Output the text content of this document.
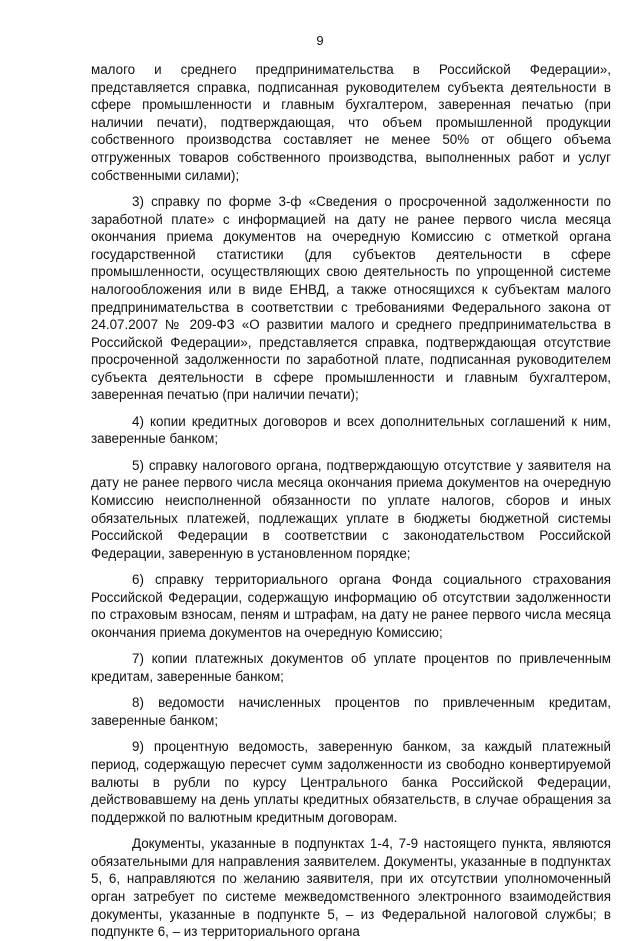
9

малого и среднего предпринимательства в Российской Федерации», представляется справка, подписанная руководителем субъекта деятельности в сфере промышленности и главным бухгалтером, заверенная печатью (при наличии печати), подтверждающая, что объем промышленной продукции собственного производства составляет не менее 50% от общего объема отгруженных товаров собственного производства, выполненных работ и услуг собственными силами);

3) справку по форме 3-ф «Сведения о просроченной задолженности по заработной плате» с информацией на дату не ранее первого числа месяца окончания приема документов на очередную Комиссию с отметкой органа государственной статистики (для субъектов деятельности в сфере промышленности, осуществляющих свою деятельность по упрощенной системе налогообложения или в виде ЕНВД, а также относящихся к субъектам малого предпринимательства в соответствии с требованиями Федерального закона от 24.07.2007 № 209-ФЗ «О развитии малого и среднего предпринимательства в Российской Федерации», представляется справка, подтверждающая отсутствие просроченной задолженности по заработной плате, подписанная руководителем субъекта деятельности в сфере промышленности и главным бухгалтером, заверенная печатью (при наличии печати);

4) копии кредитных договоров и всех дополнительных соглашений к ним, заверенные банком;

5) справку налогового органа, подтверждающую отсутствие у заявителя на дату не ранее первого числа месяца окончания приема документов на очередную Комиссию неисполненной обязанности по уплате налогов, сборов и иных обязательных платежей, подлежащих уплате в бюджеты бюджетной системы Российской Федерации в соответствии с законодательством Российской Федерации, заверенную в установленном порядке;

6) справку территориального органа Фонда социального страхования Российской Федерации, содержащую информацию об отсутствии задолженности по страховым взносам, пеням и штрафам, на дату не ранее первого числа месяца окончания приема документов на очередную Комиссию;

7) копии платежных документов об уплате процентов по привлеченным кредитам, заверенные банком;

8) ведомости начисленных процентов по привлеченным кредитам, заверенные банком;

9) процентную ведомость, заверенную банком, за каждый платежный период, содержащую пересчет сумм задолженности из свободно конвертируемой валюты в рубли по курсу Центрального банка Российской Федерации, действовавшему на день уплаты кредитных обязательств, в случае обращения за поддержкой по валютным кредитным договорам.

Документы, указанные в подпунктах 1-4, 7-9 настоящего пункта, являются обязательными для направления заявителем. Документы, указанные в подпунктах 5, 6, направляются по желанию заявителя, при их отсутствии уполномоченный орган затребует по системе межведомственного электронного взаимодействия документы, указанные в подпункте 5, – из Федеральной налоговой службы; в подпункте 6, – из территориального органа
